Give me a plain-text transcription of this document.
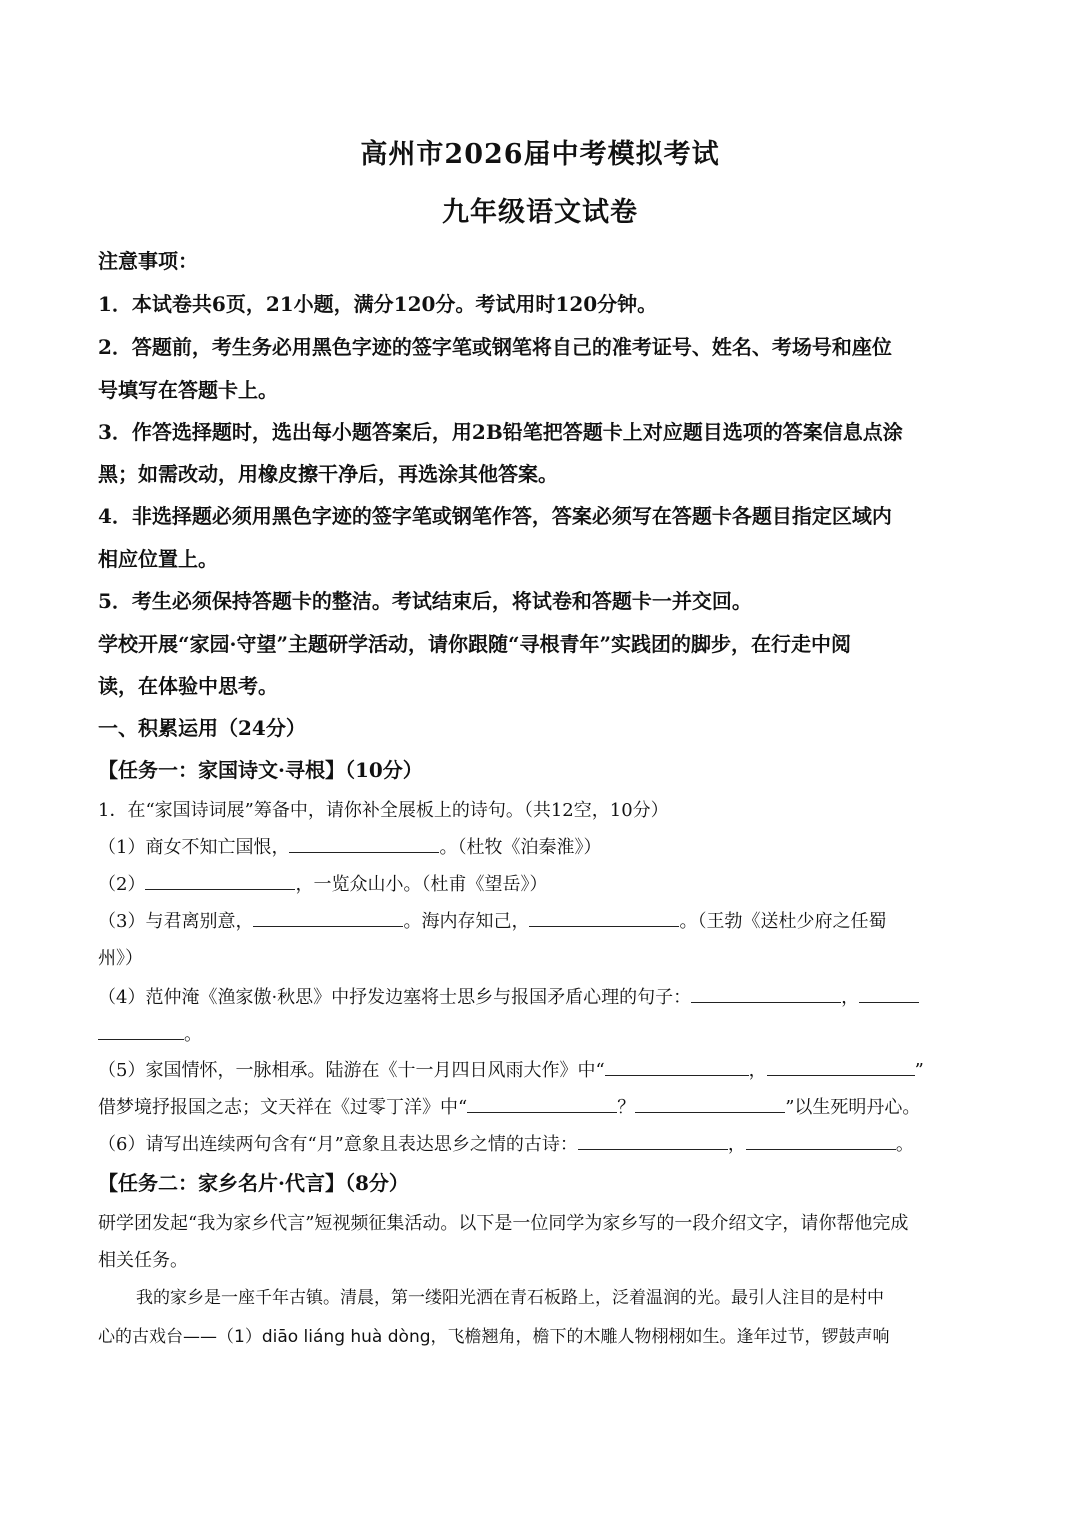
高州市2026届中考模拟考试
九年级语文试卷
注意事项：
1．本试卷共6页，21小题，满分120分。考试用时120分钟。
2．答题前，考生务必用黑色字迹的签字笔或钢笔将自己的准考证号、姓名、考场号和座位
号填写在答题卡上。
3．作答选择题时，选出每小题答案后，用2B铅笔把答题卡上对应题目选项的答案信息点涂
黑；如需改动，用橡皮擦干净后，再选涂其他答案。
4．非选择题必须用黑色字迹的签字笔或钢笔作答，答案必须写在答题卡各题目指定区域内
相应位置上。
5．考生必须保持答题卡的整洁。考试结束后，将试卷和答题卡一并交回。
学校开展“家园·守望”主题研学活动，请你跟随“寻根青年”实践团的脚步，在行走中阅
读，在体验中思考。
一、积累运用（24分）
【任务一：家国诗文·寻根】（10分）
1．在“家国诗词展”筹备中，请你补全展板上的诗句。（共12空，10分）
（1）商女不知亡国恨，	。（杜牧《泊秦淮》）
（2）	，一览众山小。（杜甫《望岳》）
（3）与君离别意，	。海内存知己，	。（王勃《送杜少府之任蜀
州》）
（4）范仲淹《渔家傲·秋思》中抒发边塞将士思乡与报国矛盾心理的句子：	，
。
（5）家国情怀，一脉相承。陆游在《十一月四日风雨大作》中“	，	”
借梦境抒报国之志；文天祥在《过零丁洋》中“	？	”以生死明丹心。
（6）请写出连续两句含有“月”意象且表达思乡之情的古诗：	，	。
【任务二：家乡名片·代言】（8分）
研学团发起“我为家乡代言”短视频征集活动。以下是一位同学为家乡写的一段介绍文字，请你帮他完成
相关任务。
我的家乡是一座千年古镇。清晨，第一缕阳光洒在青石板路上，泛着温润的光。最引人注目的是村中
心的古戏台——（1）diāo liáng huà dòng，飞檐翘角，檐下的木雕人物栩栩如生。逢年过节，锣鼓声响
